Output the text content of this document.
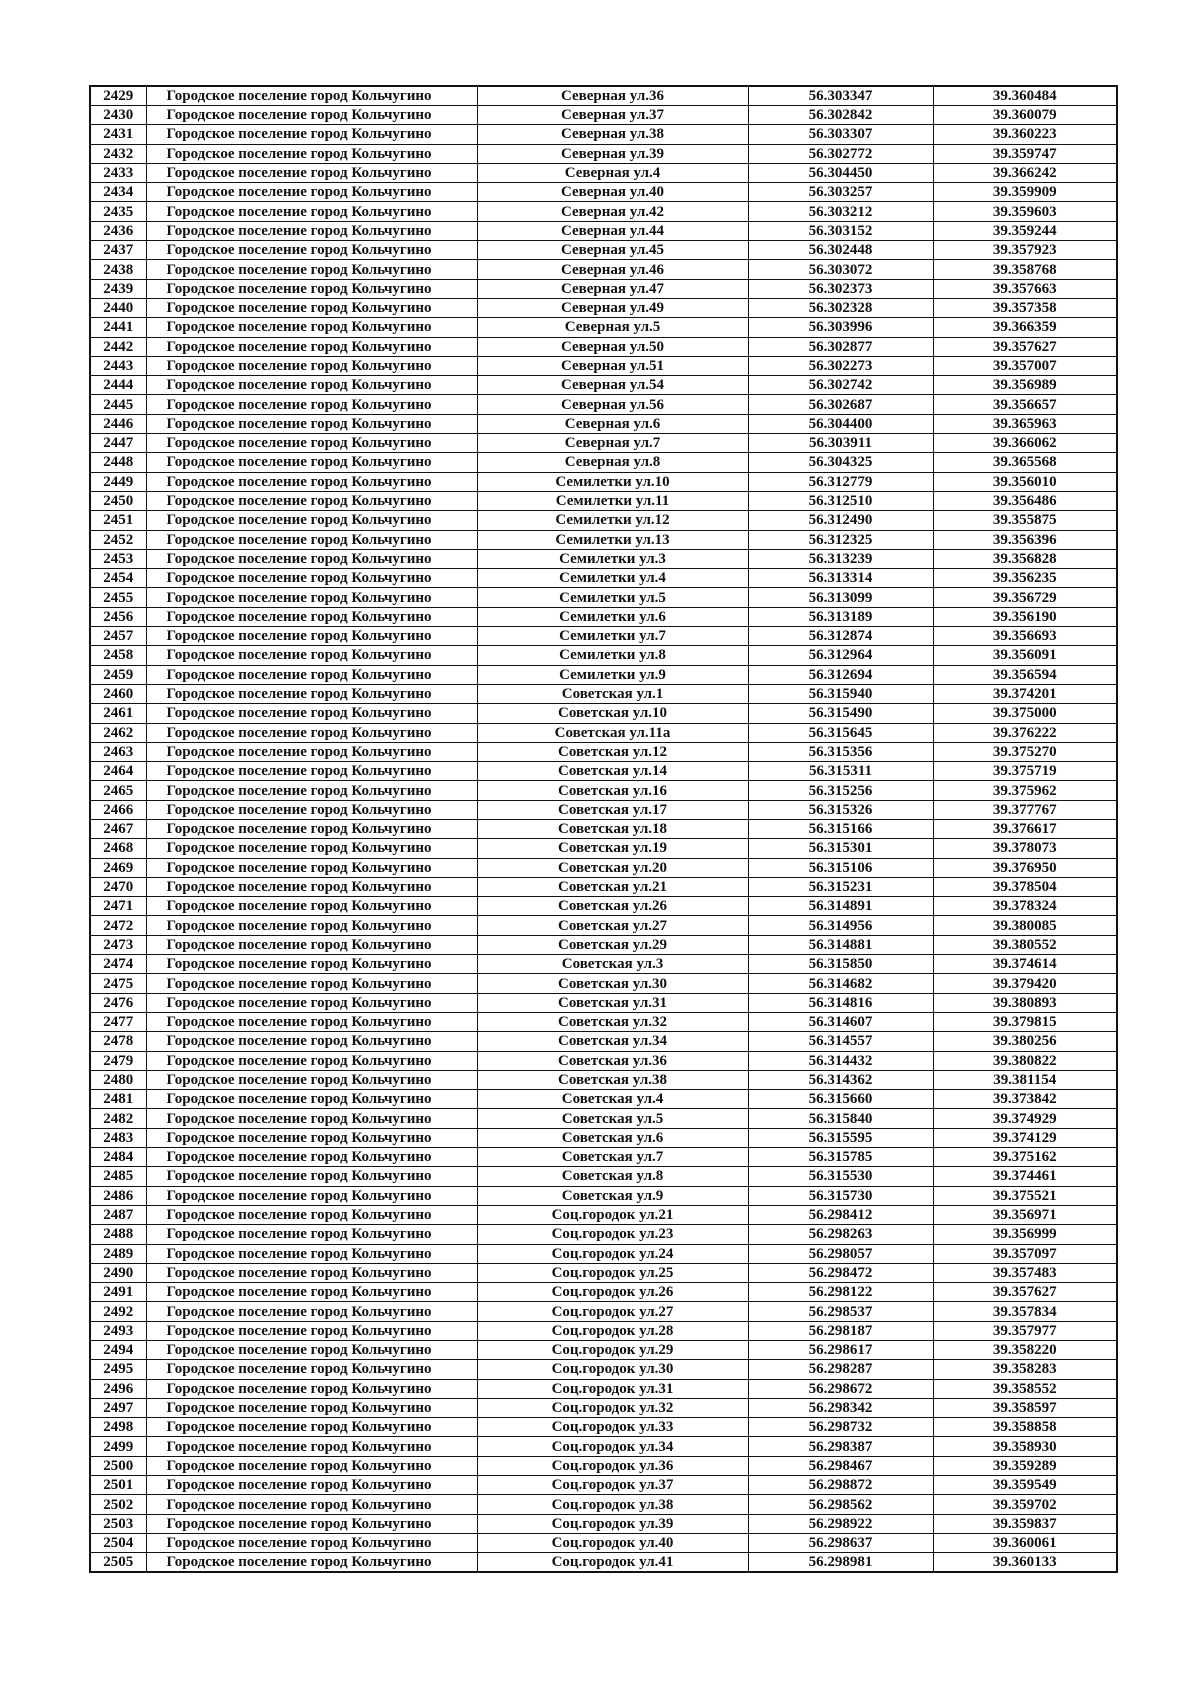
2429	Городское поселение город Кольчугино	Северная ул.36	56.303347	39.360484
2430	Городское поселение город Кольчугино	Северная ул.37	56.302842	39.360079
2431	Городское поселение город Кольчугино	Северная ул.38	56.303307	39.360223
2432	Городское поселение город Кольчугино	Северная ул.39	56.302772	39.359747
2433	Городское поселение город Кольчугино	Северная ул.4	56.304450	39.366242
2434	Городское поселение город Кольчугино	Северная ул.40	56.303257	39.359909
2435	Городское поселение город Кольчугино	Северная ул.42	56.303212	39.359603
2436	Городское поселение город Кольчугино	Северная ул.44	56.303152	39.359244
2437	Городское поселение город Кольчугино	Северная ул.45	56.302448	39.357923
2438	Городское поселение город Кольчугино	Северная ул.46	56.303072	39.358768
2439	Городское поселение город Кольчугино	Северная ул.47	56.302373	39.357663
2440	Городское поселение город Кольчугино	Северная ул.49	56.302328	39.357358
2441	Городское поселение город Кольчугино	Северная ул.5	56.303996	39.366359
2442	Городское поселение город Кольчугино	Северная ул.50	56.302877	39.357627
2443	Городское поселение город Кольчугино	Северная ул.51	56.302273	39.357007
2444	Городское поселение город Кольчугино	Северная ул.54	56.302742	39.356989
2445	Городское поселение город Кольчугино	Северная ул.56	56.302687	39.356657
2446	Городское поселение город Кольчугино	Северная ул.6	56.304400	39.365963
2447	Городское поселение город Кольчугино	Северная ул.7	56.303911	39.366062
2448	Городское поселение город Кольчугино	Северная ул.8	56.304325	39.365568
2449	Городское поселение город Кольчугино	Семилетки ул.10	56.312779	39.356010
2450	Городское поселение город Кольчугино	Семилетки ул.11	56.312510	39.356486
2451	Городское поселение город Кольчугино	Семилетки ул.12	56.312490	39.355875
2452	Городское поселение город Кольчугино	Семилетки ул.13	56.312325	39.356396
2453	Городское поселение город Кольчугино	Семилетки ул.3	56.313239	39.356828
2454	Городское поселение город Кольчугино	Семилетки ул.4	56.313314	39.356235
2455	Городское поселение город Кольчугино	Семилетки ул.5	56.313099	39.356729
2456	Городское поселение город Кольчугино	Семилетки ул.6	56.313189	39.356190
2457	Городское поселение город Кольчугино	Семилетки ул.7	56.312874	39.356693
2458	Городское поселение город Кольчугино	Семилетки ул.8	56.312964	39.356091
2459	Городское поселение город Кольчугино	Семилетки ул.9	56.312694	39.356594
2460	Городское поселение город Кольчугино	Советская ул.1	56.315940	39.374201
2461	Городское поселение город Кольчугино	Советская ул.10	56.315490	39.375000
2462	Городское поселение город Кольчугино	Советская ул.11а	56.315645	39.376222
2463	Городское поселение город Кольчугино	Советская ул.12	56.315356	39.375270
2464	Городское поселение город Кольчугино	Советская ул.14	56.315311	39.375719
2465	Городское поселение город Кольчугино	Советская ул.16	56.315256	39.375962
2466	Городское поселение город Кольчугино	Советская ул.17	56.315326	39.377767
2467	Городское поселение город Кольчугино	Советская ул.18	56.315166	39.376617
2468	Городское поселение город Кольчугино	Советская ул.19	56.315301	39.378073
2469	Городское поселение город Кольчугино	Советская ул.20	56.315106	39.376950
2470	Городское поселение город Кольчугино	Советская ул.21	56.315231	39.378504
2471	Городское поселение город Кольчугино	Советская ул.26	56.314891	39.378324
2472	Городское поселение город Кольчугино	Советская ул.27	56.314956	39.380085
2473	Городское поселение город Кольчугино	Советская ул.29	56.314881	39.380552
2474	Городское поселение город Кольчугино	Советская ул.3	56.315850	39.374614
2475	Городское поселение город Кольчугино	Советская ул.30	56.314682	39.379420
2476	Городское поселение город Кольчугино	Советская ул.31	56.314816	39.380893
2477	Городское поселение город Кольчугино	Советская ул.32	56.314607	39.379815
2478	Городское поселение город Кольчугино	Советская ул.34	56.314557	39.380256
2479	Городское поселение город Кольчугино	Советская ул.36	56.314432	39.380822
2480	Городское поселение город Кольчугино	Советская ул.38	56.314362	39.381154
2481	Городское поселение город Кольчугино	Советская ул.4	56.315660	39.373842
2482	Городское поселение город Кольчугино	Советская ул.5	56.315840	39.374929
2483	Городское поселение город Кольчугино	Советская ул.6	56.315595	39.374129
2484	Городское поселение город Кольчугино	Советская ул.7	56.315785	39.375162
2485	Городское поселение город Кольчугино	Советская ул.8	56.315530	39.374461
2486	Городское поселение город Кольчугино	Советская ул.9	56.315730	39.375521
2487	Городское поселение город Кольчугино	Соц.городок ул.21	56.298412	39.356971
2488	Городское поселение город Кольчугино	Соц.городок ул.23	56.298263	39.356999
2489	Городское поселение город Кольчугино	Соц.городок ул.24	56.298057	39.357097
2490	Городское поселение город Кольчугино	Соц.городок ул.25	56.298472	39.357483
2491	Городское поселение город Кольчугино	Соц.городок ул.26	56.298122	39.357627
2492	Городское поселение город Кольчугино	Соц.городок ул.27	56.298537	39.357834
2493	Городское поселение город Кольчугино	Соц.городок ул.28	56.298187	39.357977
2494	Городское поселение город Кольчугино	Соц.городок ул.29	56.298617	39.358220
2495	Городское поселение город Кольчугино	Соц.городок ул.30	56.298287	39.358283
2496	Городское поселение город Кольчугино	Соц.городок ул.31	56.298672	39.358552
2497	Городское поселение город Кольчугино	Соц.городок ул.32	56.298342	39.358597
2498	Городское поселение город Кольчугино	Соц.городок ул.33	56.298732	39.358858
2499	Городское поселение город Кольчугино	Соц.городок ул.34	56.298387	39.358930
2500	Городское поселение город Кольчугино	Соц.городок ул.36	56.298467	39.359289
2501	Городское поселение город Кольчугино	Соц.городок ул.37	56.298872	39.359549
2502	Городское поселение город Кольчугино	Соц.городок ул.38	56.298562	39.359702
2503	Городское поселение город Кольчугино	Соц.городок ул.39	56.298922	39.359837
2504	Городское поселение город Кольчугино	Соц.городок ул.40	56.298637	39.360061
2505	Городское поселение город Кольчугино	Соц.городок ул.41	56.298981	39.360133
